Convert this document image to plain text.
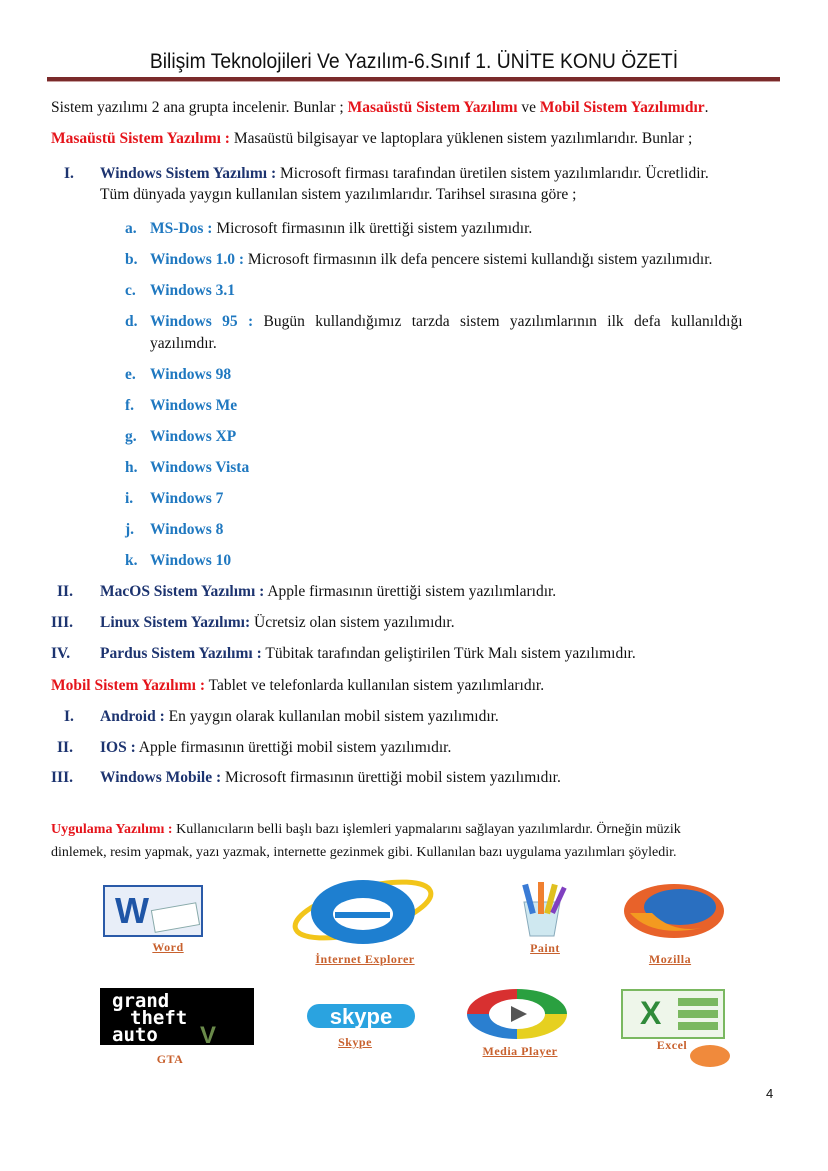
Bilişim Teknolojileri Ve Yazılım-6.Sınıf 1. ÜNİTE KONU ÖZETİ
Sistem yazılımı 2 ana grupta incelenir. Bunlar ; Masaüstü Sistem Yazılımı ve Mobil Sistem Yazılımıdır.
Masaüstü Sistem Yazılımı : Masaüstü bilgisayar ve laptoplara yüklenen sistem yazılımlarıdır. Bunlar ;
I. Windows Sistem Yazılımı : Microsoft firması tarafından üretilen sistem yazılımlarıdır. Ücretlidir.
Tüm dünyada yaygın kullanılan sistem yazılımlarıdır. Tarihsel sırasına göre ;
Mobil Sistem Yazılımı : Tablet ve telefonlarda kullanılan sistem yazılımlarıdır.
Uygulama Yazılımı : Kullanıcıların belli başlı bazı işlemleri yapmalarını sağlayan yazılımlardır. Örneğin müzik
dinlemek, resim yapmak, yazı yazmak, internette gezinmek gibi. Kullanılan bazı uygulama yazılımları şöyledir.
W
Word
İnternet Explorer
Paint
Mozilla
grand
theft
auto V
GTA
skype
Skype
Media Player
X
Excel
4
a. MS-Dos : Microsoft firmasının ilk ürettiği sistem yazılımıdır.
b. Windows 1.0 : Microsoft firmasının ilk defa pencere sistemi kullandığı sistem yazılımıdır.
c. Windows 3.1
d. Windows 95 : Bugün kullandığımız tarzda sistem yazılımlarının ilk defa kullanıldığı
yazılımdır.
e. Windows 98
f. Windows Me
g. Windows XP
h. Windows Vista
i. Windows 7
j. Windows 8
k. Windows 10
II. MacOS Sistem Yazılımı : Apple firmasının ürettiği sistem yazılımlarıdır.
III. Linux Sistem Yazılımı: Ücretsiz olan sistem yazılımıdır.
IV. Pardus Sistem Yazılımı : Tübitak tarafından geliştirilen Türk Malı sistem yazılımıdır.
I. Android : En yaygın olarak kullanılan mobil sistem yazılımıdır.
II. IOS : Apple firmasının ürettiği mobil sistem yazılımıdır.
III. Windows Mobile : Microsoft firmasının ürettiği mobil sistem yazılımıdır.
